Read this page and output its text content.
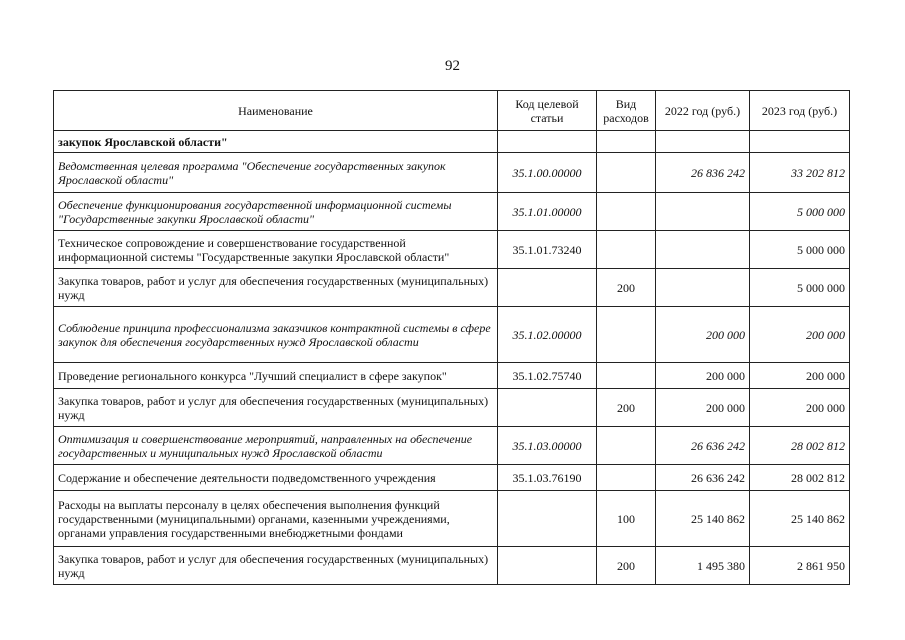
92
Наименование	Код целевой статьи	Вид расходов	2022 год (руб.)	2023 год (руб.)
закупок Ярославской области"				
Ведомственная целевая программа "Обеспечение государственных закупок Ярославской области"	35.1.00.00000		26 836 242	33 202 812
Обеспечение функционирования государственной информационной системы "Государственные закупки Ярославской области"	35.1.01.00000			5 000 000
Техническое сопровождение и совершенствование государственной информационной системы "Государственные закупки Ярославской области"	35.1.01.73240			5 000 000
Закупка товаров, работ и услуг для обеспечения государственных (муниципальных) нужд		200		5 000 000
Соблюдение принципа профессионализма заказчиков контрактной системы в сфере закупок для обеспечения государственных нужд Ярославской области	35.1.02.00000		200 000	200 000
Проведение регионального конкурса "Лучший специалист в сфере закупок"	35.1.02.75740		200 000	200 000
Закупка товаров, работ и услуг для обеспечения государственных (муниципальных) нужд		200	200 000	200 000
Оптимизация и совершенствование мероприятий, направленных на обеспечение государственных и муниципальных нужд Ярославской области	35.1.03.00000		26 636 242	28 002 812
Содержание и обеспечение деятельности подведомственного учреждения	35.1.03.76190		26 636 242	28 002 812
Расходы на выплаты персоналу в целях обеспечения выполнения функций государственными (муниципальными) органами, казенными учреждениями, органами управления государственными внебюджетными фондами		100	25 140 862	25 140 862
Закупка товаров, работ и услуг для обеспечения государственных (муниципальных) нужд		200	1 495 380	2 861 950
